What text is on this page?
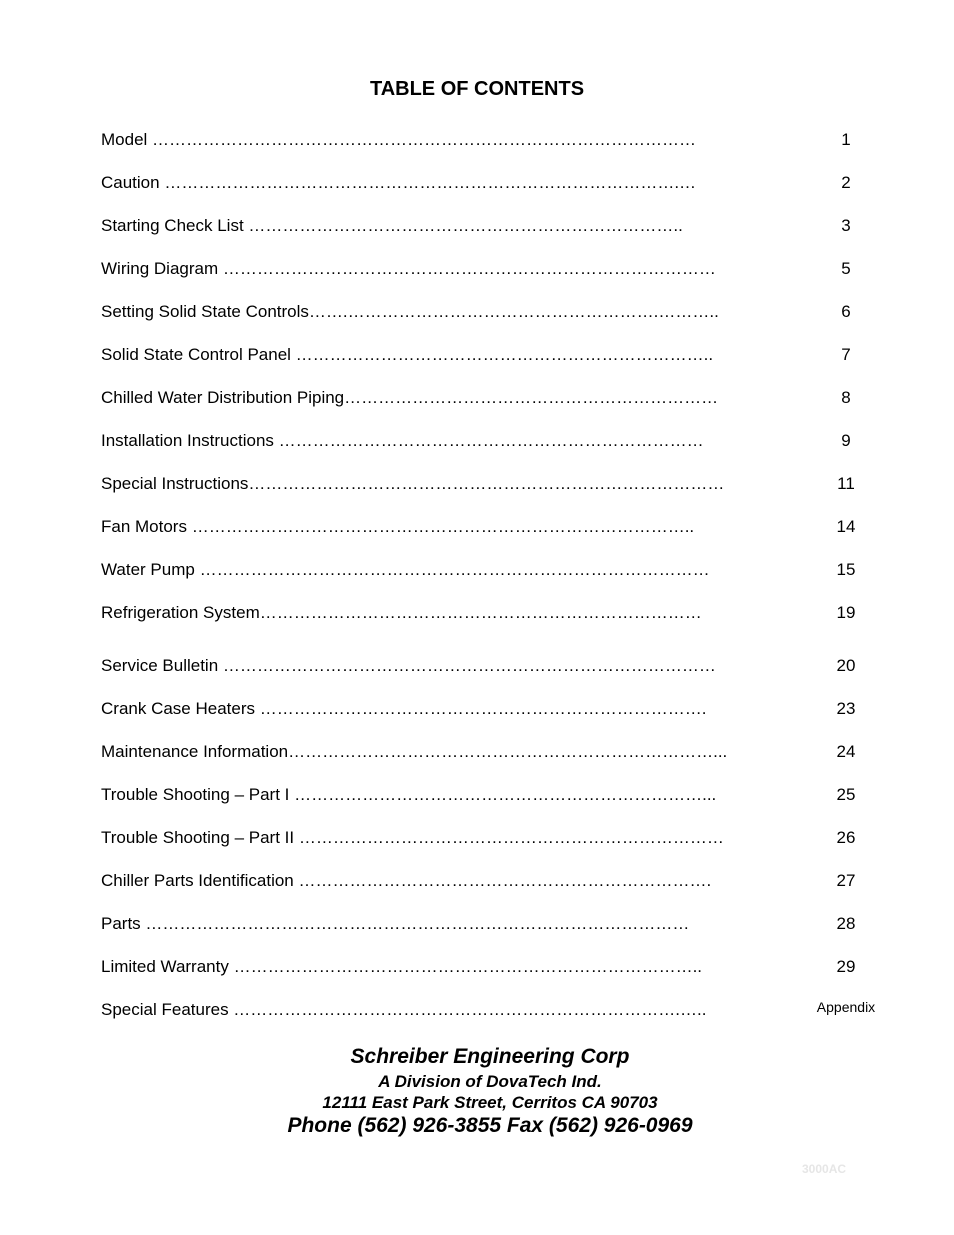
TABLE OF CONTENTS
Model ……………………………………………………………………………………	1
Caution ……………………………………………………………………………….…	2
Starting Check List …………………………………………………………………..	3
Wiring Diagram ……………………………………………………………………………	5
Setting Solid State Controls…….……………………………………………….………..	6
Solid State Control Panel ………………………………………………………………..	7
Chilled Water Distribution Piping…………………………………………………………	8
Installation Instructions …………………………………………………………………	9
Special Instructions…………………………………………………………………………	11
Fan Motors ……………………………………………………………………………..	14
Water Pump ………………………………………………………………………………	15
Refrigeration System……………………………………………………………………	19
Service Bulletin ……………………………………………………………………………	20
Crank Case Heaters …………………………………………………………………….	23
Maintenance Information…………………………………………………………………...	24
Trouble Shooting – Part I ………………………………………………………………...	25
Trouble Shooting – Part II …………………………………………………………………	26
Chiller Parts Identification ……………………………………………………………….	27
Parts ……………………………………………………………………………………	28
Limited Warranty ………………………………………………………………………..	29
Special Features …………………………………………………………………….…..	Appendix
Schreiber Engineering Corp
A Division of DovaTech Ind.
12111 East Park Street, Cerritos CA 90703
Phone (562) 926-3855 Fax (562) 926-0969
3000AC
